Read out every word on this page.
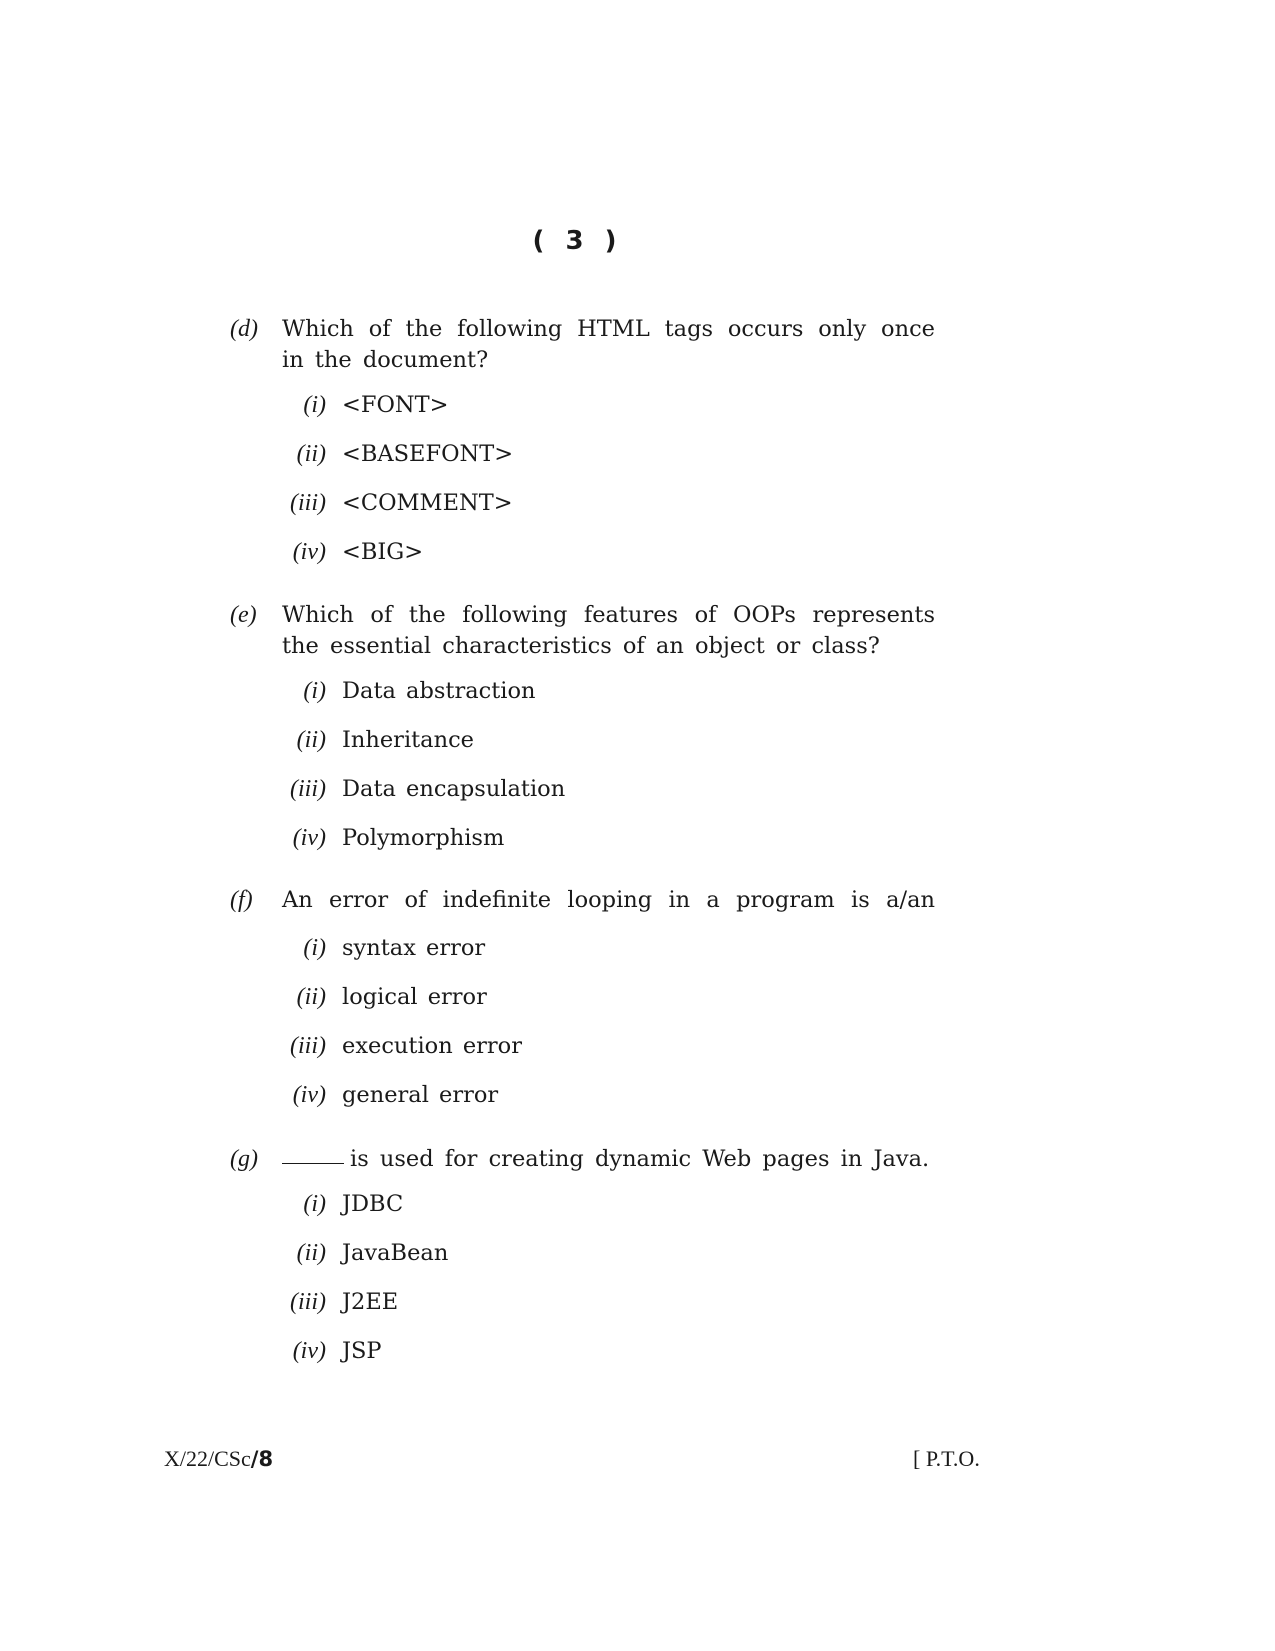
( 3 )
(d) Which of the following HTML tags occurs only once in the document?
(i) <FONT>
(ii) <BASEFONT>
(iii) <COMMENT>
(iv) <BIG>
(e) Which of the following features of OOPs represents the essential characteristics of an object or class?
(i) Data abstraction
(ii) Inheritance
(iii) Data encapsulation
(iv) Polymorphism
(f) An error of indefinite looping in a program is a/an
(i) syntax error
(ii) logical error
(iii) execution error
(iv) general error
(g)	is used for creating dynamic Web pages in Java.
(i) JDBC
(ii) JavaBean
(iii) J2EE
(iv) JSP
X/22/CSc/8	[ P.T.O.
